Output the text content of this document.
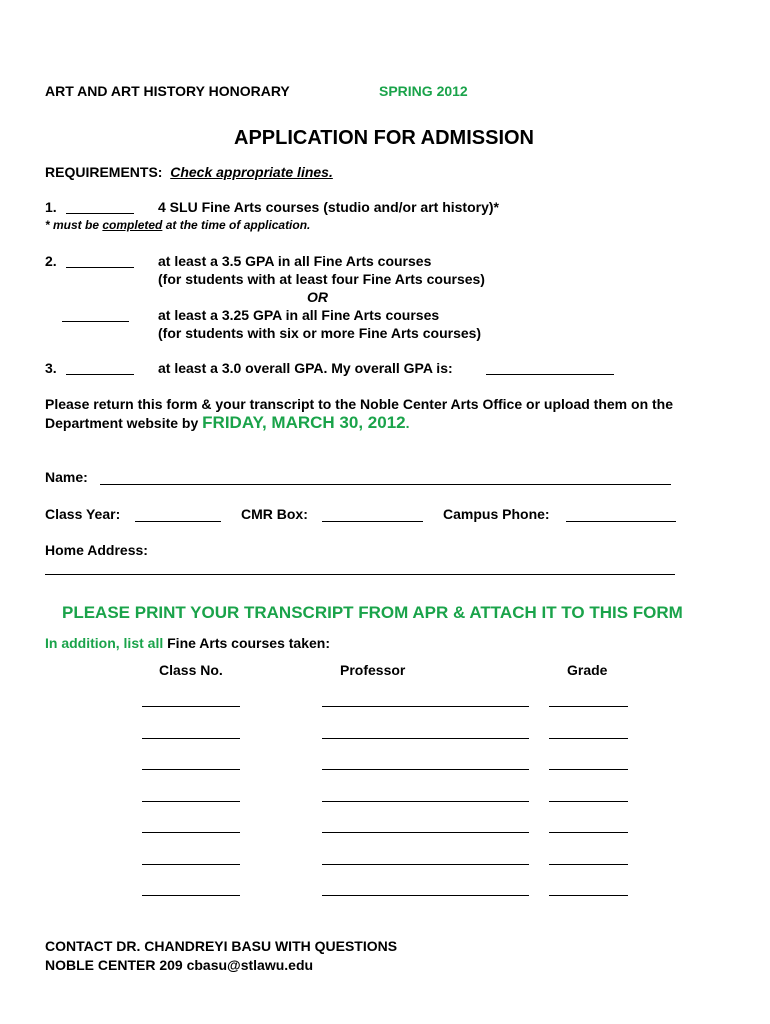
ART AND ART HISTORY HONORARY	SPRING 2012
APPLICATION FOR ADMISSION
REQUIREMENTS: Check appropriate lines.
1.	4 SLU Fine Arts courses (studio and/or art history)*
* must be completed at the time of application.
2.	at least a 3.5 GPA in all Fine Arts courses
(for students with at least four Fine Arts courses)
OR
at least a 3.25 GPA in all Fine Arts courses
(for students with six or more Fine Arts courses)
3.	at least a 3.0 overall GPA. My overall GPA is:
Please return this form & your transcript to the Noble Center Arts Office or upload them on the
Department website by FRIDAY, MARCH 30, 2012.
Name:
Class Year:	CMR Box:	Campus Phone:
Home Address:
PLEASE PRINT YOUR TRANSCRIPT FROM APR & ATTACH IT TO THIS FORM
In addition, list all Fine Arts courses taken:
Class No.	Professor	Grade
CONTACT DR. CHANDREYI BASU WITH QUESTIONS
NOBLE CENTER 209 cbasu@stlawu.edu
